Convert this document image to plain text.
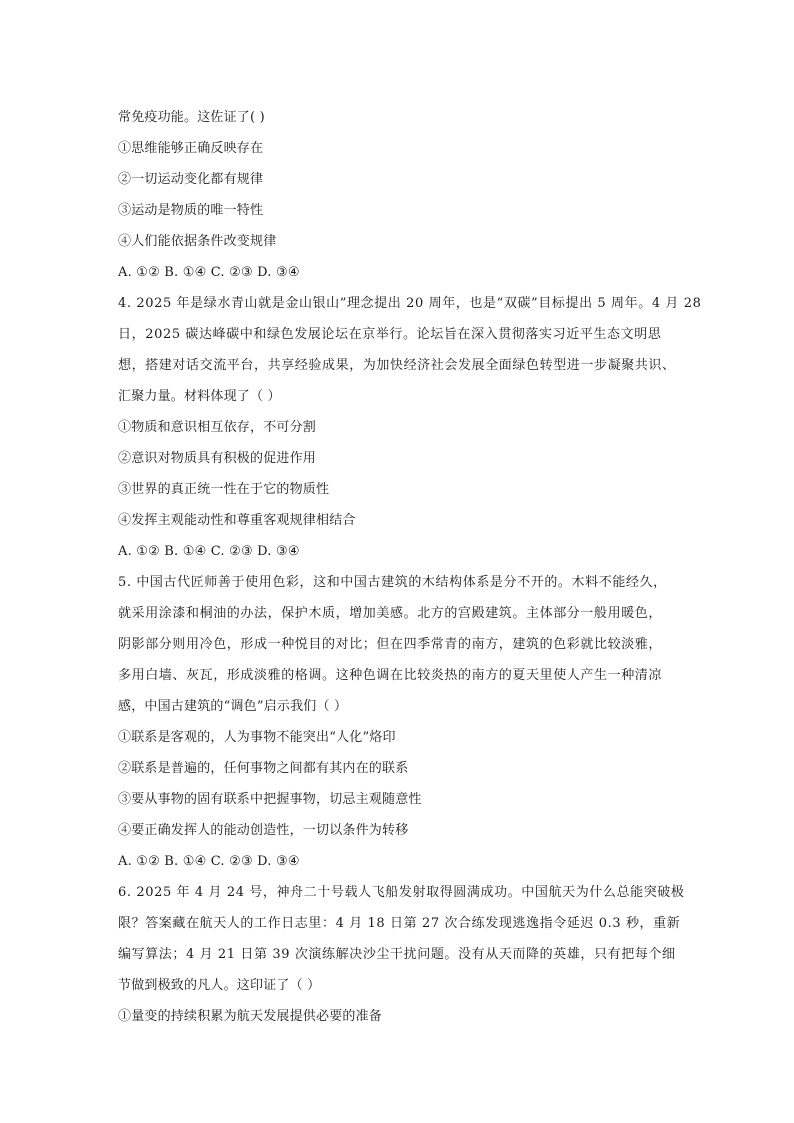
常免疫功能。这佐证了( )
①思维能够正确反映存在
②一切运动变化都有规律
③运动是物质的唯一特性
④人们能依据条件改变规律
A. ①② B. ①④ C. ②③ D. ③④
4. 2025 年是绿水青山就是金山银山”理念提出 20 周年，也是“双碳”目标提出 5 周年。4 月 28
日，2025 碳达峰碳中和绿色发展论坛在京举行。论坛旨在深入贯彻落实习近平生态文明思
想，搭建对话交流平台，共享经验成果，为加快经济社会发展全面绿色转型进一步凝聚共识、
汇聚力量。材料体现了（ ）
①物质和意识相互依存，不可分割
②意识对物质具有积极的促进作用
③世界的真正统一性在于它的物质性
④发挥主观能动性和尊重客观规律相结合
A. ①② B. ①④ C. ②③ D. ③④
5. 中国古代匠师善于使用色彩，这和中国古建筑的木结构体系是分不开的。木料不能经久，
就采用涂漆和桐油的办法，保护木质，增加美感。北方的宫殿建筑。主体部分一般用暖色，
阴影部分则用冷色，形成一种悦目的对比；但在四季常青的南方，建筑的色彩就比较淡雅，
多用白墙、灰瓦，形成淡雅的格调。这种色调在比较炎热的南方的夏天里使人产生一种清凉
感，中国古建筑的“调色”启示我们（ ）
①联系是客观的，人为事物不能突出“人化”烙印
②联系是普遍的，任何事物之间都有其内在的联系
③要从事物的固有联系中把握事物，切忌主观随意性
④要正确发挥人的能动创造性，一切以条件为转移
A. ①② B. ①④ C. ②③ D. ③④
6. 2025 年 4 月 24 号，神舟二十号载人飞船发射取得圆满成功。中国航天为什么总能突破极
限？答案藏在航天人的工作日志里：4 月 18 日第 27 次合练发现逃逸指令延迟 0.3 秒，重新
编写算法；4 月 21 日第 39 次演练解决沙尘干扰问题。没有从天而降的英雄，只有把每个细
节做到极致的凡人。这印证了（ ）
①量变的持续积累为航天发展提供必要的准备
